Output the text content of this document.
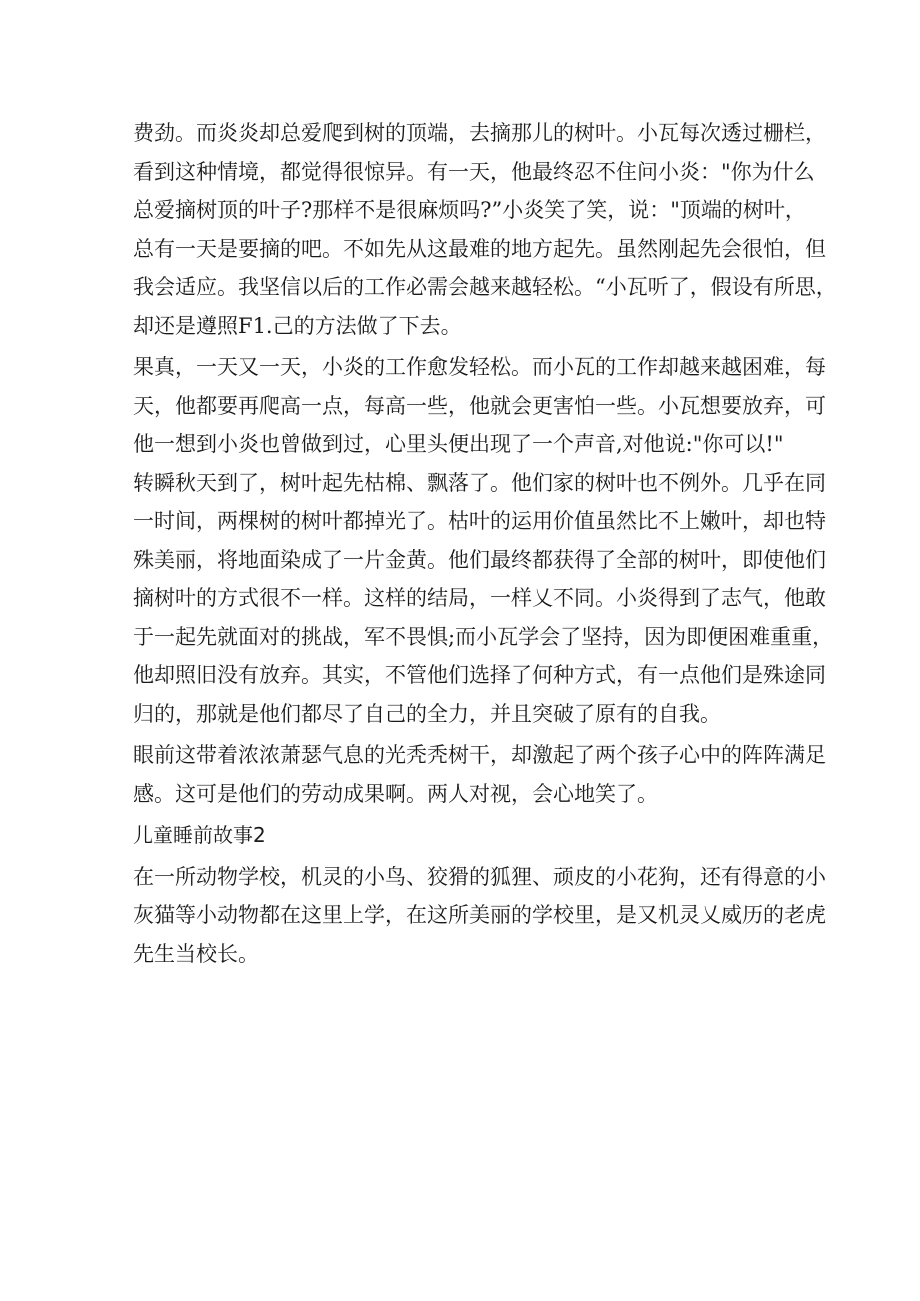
费劲。而炎炎却总爱爬到树的顶端，去摘那儿的树叶。小瓦每次透过栅栏，
看到这种情境，都觉得很惊异。有一天，他最终忍不住问小炎："你为什么
总爱摘树顶的叶子?那样不是很麻烦吗?”小炎笑了笑，说："顶端的树叶，
总有一天是要摘的吧。不如先从这最难的地方起先。虽然刚起先会很怕，但
我会适应。我坚信以后的工作必需会越来越轻松。“小瓦听了，假设有所思，
却还是遵照F1.己的方法做了下去。
果真，一天又一天，小炎的工作愈发轻松。而小瓦的工作却越来越困难，每
天，他都要再爬高一点，每高一些，他就会更害怕一些。小瓦想要放弃，可
他一想到小炎也曾做到过，心里头便出现了一个声音,对他说:"你可以!"
转瞬秋天到了，树叶起先枯棉、飘落了。他们家的树叶也不例外。几乎在同
一时间，两棵树的树叶都掉光了。枯叶的运用价值虽然比不上嫩叶，却也特
殊美丽，将地面染成了一片金黄。他们最终都获得了全部的树叶，即使他们
摘树叶的方式很不一样。这样的结局，一样乂不同。小炎得到了志气，他敢
于一起先就面对的挑战，军不畏惧;而小瓦学会了坚持，因为即便困难重重，
他却照旧没有放弃。其实，不管他们选择了何种方式，有一点他们是殊途同
归的，那就是他们都尽了自己的全力，并且突破了原有的自我。
眼前这带着浓浓萧瑟气息的光秃秃树干，却激起了两个孩子心中的阵阵满足
感。这可是他们的劳动成果啊。两人对视，会心地笑了。
儿童睡前故事2
在一所动物学校，机灵的小鸟、狡猾的狐狸、顽皮的小花狗，还有得意的小
灰猫等小动物都在这里上学，在这所美丽的学校里，是又机灵乂威历的老虎
先生当校长。
